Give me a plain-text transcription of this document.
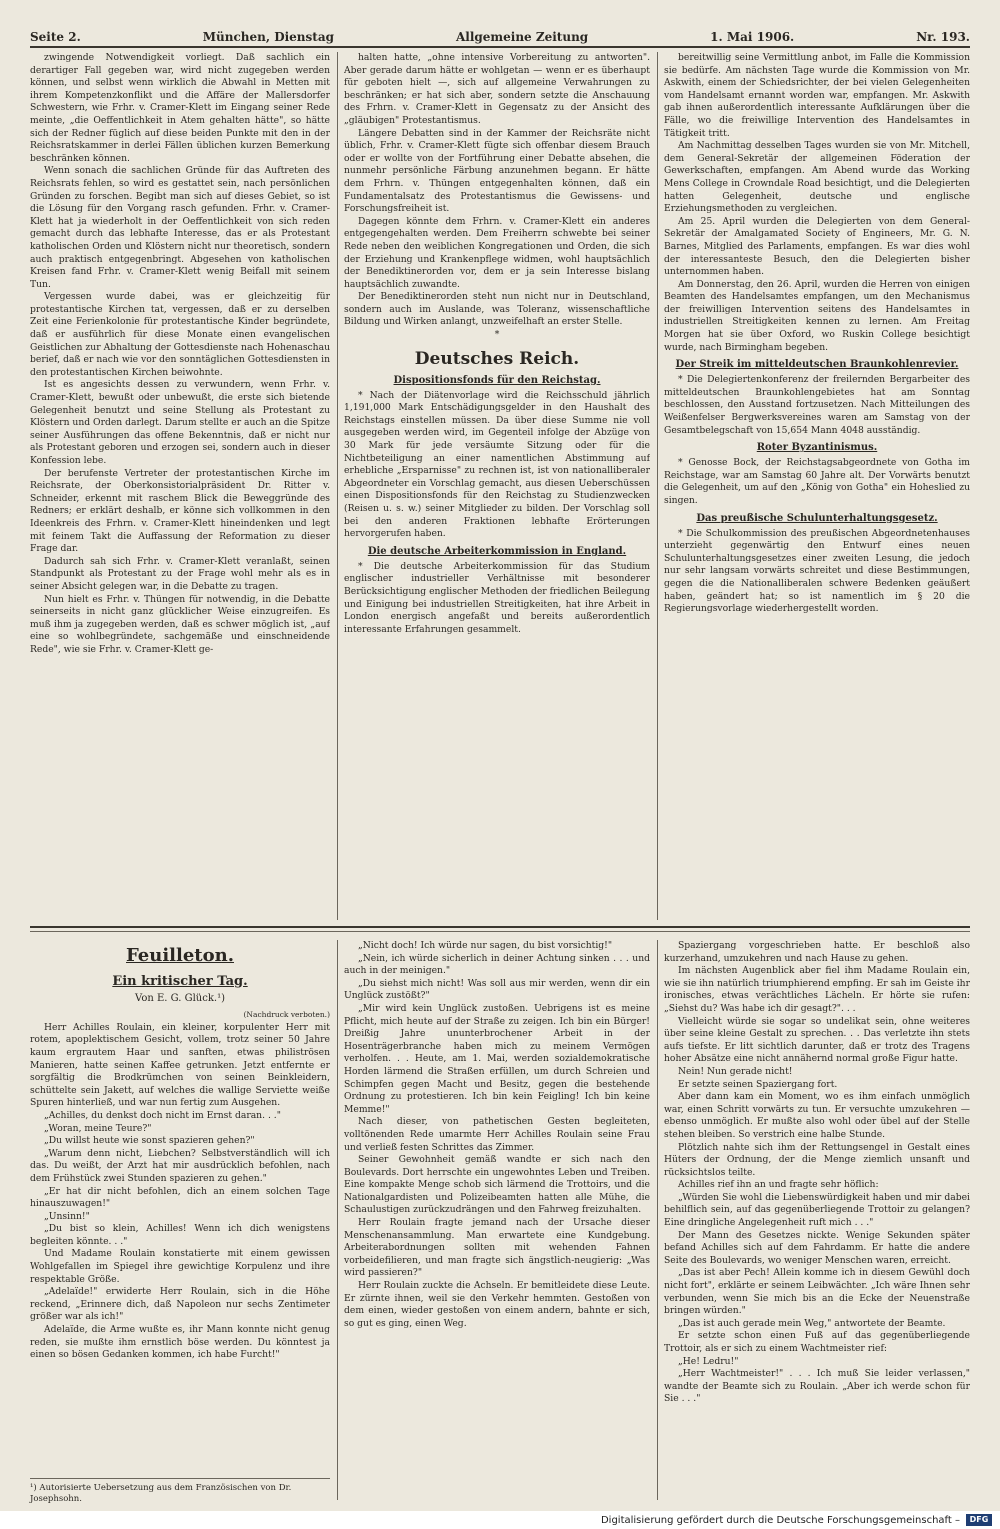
Seite 2.	München, Dienstag	Allgemeine Zeitung	1. Mai 1906.	Nr. 193.

zwingende Notwendigkeit vorliegt. Daß sachlich ein derartiger Fall gegeben war, wird nicht zugegeben werden können, und selbst wenn wirklich die Abwahl in Metten mit ihrem Kompetenzkonflikt und die Affäre der Mallersdorfer Schwestern, wie Frhr. v. Cramer-Klett im Eingang seiner Rede meinte, „die Oeffentlichkeit in Atem gehalten hätte", so hätte sich der Redner füglich auf diese beiden Punkte mit den in der Reichsratskammer in derlei Fällen üblichen kurzen Bemerkung beschränken können.

Wenn sonach die sachlichen Gründe für das Auftreten des Reichsrats fehlen, so wird es gestattet sein, nach persönlichen Gründen zu forschen. Begibt man sich auf dieses Gebiet, so ist die Lösung für den Vorgang rasch gefunden. Frhr. v. Cramer-Klett hat ja wiederholt in der Oeffentlichkeit von sich reden gemacht durch das lebhafte Interesse, das er als Protestant katholischen Orden und Klöstern nicht nur theoretisch, sondern auch praktisch entgegenbringt. Abgesehen von katholischen Kreisen fand Frhr. v. Cramer-Klett wenig Beifall mit seinem Tun.

Vergessen wurde dabei, was er gleichzeitig für protestantische Kirchen tat, vergessen, daß er zu derselben Zeit eine Ferienkolonie für protestantische Kinder begründete, daß er ausführlich für diese Monate einen evangelischen Geistlichen zur Abhaltung der Gottesdienste nach Hohenaschau berief, daß er nach wie vor den sonntäglichen Gottesdiensten in den protestantischen Kirchen beiwohnte.

Ist es angesichts dessen zu verwundern, wenn Frhr. v. Cramer-Klett, bewußt oder unbewußt, die erste sich bietende Gelegenheit benutzt und seine Stellung als Protestant zu Klöstern und Orden darlegt. Darum stellte er auch an die Spitze seiner Ausführungen das offene Bekenntnis, daß er nicht nur als Protestant geboren und erzogen sei, sondern auch in dieser Konfession lebe.

Der berufenste Vertreter der protestantischen Kirche im Reichsrate, der Oberkonsistorialpräsident Dr. Ritter v. Schneider, erkennt mit raschem Blick die Beweggründe des Redners; er erklärt deshalb, er könne sich vollkommen in den Ideenkreis des Frhrn. v. Cramer-Klett hineindenken und legt mit feinem Takt die Auffassung der Reformation zu dieser Frage dar.

Dadurch sah sich Frhr. v. Cramer-Klett veranlaßt, seinen Standpunkt als Protestant zu der Frage wohl mehr als es in seiner Absicht gelegen war, in die Debatte zu tragen.

Nun hielt es Frhr. v. Thüngen für notwendig, in die Debatte seinerseits in nicht ganz glücklicher Weise einzugreifen. Es muß ihm ja zugegeben werden, daß es schwer möglich ist, „auf eine so wohlbegründete, sachgemäße und einschneidende Rede", wie sie Frhr. v. Cramer-Klett ge-

halten hatte, „ohne intensive Vorbereitung zu antworten". Aber gerade darum hätte er wohlgetan — wenn er es überhaupt für geboten hielt —, sich auf allgemeine Verwahrungen zu beschränken; er hat sich aber, sondern setzte die Anschauung des Frhrn. v. Cramer-Klett in Gegensatz zu der Ansicht des „gläubigen" Protestantismus.

Längere Debatten sind in der Kammer der Reichsräte nicht üblich, Frhr. v. Cramer-Klett fügte sich offenbar diesem Brauch oder er wollte von der Fortführung einer Debatte absehen, die nunmehr persönliche Färbung anzunehmen begann. Er hätte dem Frhrn. v. Thüngen entgegenhalten können, daß ein Fundamentalsatz des Protestantismus die Gewissens- und Forschungsfreiheit ist.

Dagegen könnte dem Frhrn. v. Cramer-Klett ein anderes entgegengehalten werden. Dem Freiherrn schwebte bei seiner Rede neben den weiblichen Kongregationen und Orden, die sich der Erziehung und Krankenpflege widmen, wohl hauptsächlich der Benediktinerorden vor, dem er ja sein Interesse bislang hauptsächlich zuwandte.

Der Benediktinerorden steht nun nicht nur in Deutschland, sondern auch im Auslande, was Toleranz, wissenschaftliche Bildung und Wirken anlangt, unzweifelhaft an erster Stelle.

*

Deutsches Reich.
Dispositionsfonds für den Reichstag.

* Nach der Diätenvorlage wird die Reichsschuld jährlich 1,191,000 Mark Entschädigungsgelder in den Haushalt des Reichstags einstellen müssen. Da über diese Summe nie voll ausgegeben werden wird, im Gegenteil infolge der Abzüge von 30 Mark für jede versäumte Sitzung oder für die Nichtbeteiligung an einer namentlichen Abstimmung auf erhebliche „Ersparnisse" zu rechnen ist, ist von nationalliberaler Abgeordneter ein Vorschlag gemacht, aus diesen Ueberschüssen einen Dispositionsfonds für den Reichstag zu Studienzwecken (Reisen u. s. w.) seiner Mitglieder zu bilden. Der Vorschlag soll bei den anderen Fraktionen lebhafte Erörterungen hervorgerufen haben.

Die deutsche Arbeiterkommission in England.

* Die deutsche Arbeiterkommission für das Studium englischer industrieller Verhältnisse mit besonderer Berücksichtigung englischer Methoden der friedlichen Beilegung und Einigung bei industriellen Streitigkeiten, hat ihre Arbeit in London energisch angefaßt und bereits außerordentlich interessante Erfahrungen gesammelt.

bereitwillig seine Vermittlung anbot, im Falle die Kommission sie bedürfe. Am nächsten Tage wurde die Kommission von Mr. Askwith, einem der Schiedsrichter, der bei vielen Gelegenheiten vom Handelsamt ernannt worden war, empfangen. Mr. Askwith gab ihnen außerordentlich interessante Aufklärungen über die Fälle, wo die freiwillige Intervention des Handelsamtes in Tätigkeit tritt.

Am Nachmittag desselben Tages wurden sie von Mr. Mitchell, dem General-Sekretär der allgemeinen Föderation der Gewerkschaften, empfangen. Am Abend wurde das Working Mens College in Crowndale Road besichtigt, und die Delegierten hatten Gelegenheit, deutsche und englische Erziehungsmethoden zu vergleichen.

Am 25. April wurden die Delegierten von dem General-Sekretär der Amalgamated Society of Engineers, Mr. G. N. Barnes, Mitglied des Parlaments, empfangen. Es war dies wohl der interessanteste Besuch, den die Delegierten bisher unternommen haben.

Am Donnerstag, den 26. April, wurden die Herren von einigen Beamten des Handelsamtes empfangen, um den Mechanismus der freiwilligen Intervention seitens des Handelsamtes in industriellen Streitigkeiten kennen zu lernen. Am Freitag Morgen hat sie über Oxford, wo Ruskin College besichtigt wurde, nach Birmingham begeben.

Der Streik im mitteldeutschen Braunkohlenrevier.

* Die Delegiertenkonferenz der freilernden Bergarbeiter des mitteldeutschen Braunkohlengebietes hat am Sonntag beschlossen, den Ausstand fortzusetzen. Nach Mitteilungen des Weißenfelser Bergwerksvereines waren am Samstag von der Gesamtbelegschaft von 15,654 Mann 4048 ausständig.

Roter Byzantinismus.

* Genosse Bock, der Reichstagsabgeordnete von Gotha im Reichstage, war am Samstag 60 Jahre alt. Der Vorwärts benutzt die Gelegenheit, um auf den „König von Gotha" ein Hoheslied zu singen.

Das preußische Schulunterhaltungsgesetz.

* Die Schulkommission des preußischen Abgeordnetenhauses unterzieht gegenwärtig den Entwurf eines neuen Schulunterhaltungsgesetzes einer zweiten Lesung, die jedoch nur sehr langsam vorwärts schreitet und diese Bestimmungen, gegen die die Nationalliberalen schwere Bedenken geäußert haben, geändert hat; so ist namentlich im § 20 die Regierungsvorlage wiederhergestellt worden.

Feuilleton.
Ein kritischer Tag.
Von E. G. Glück.¹)
(Nachdruck verboten.)

Herr Achilles Roulain, ein kleiner, korpulenter Herr mit rotem, apoplektischem Gesicht, vollem, trotz seiner 50 Jahre kaum ergrautem Haar und sanften, etwas philiströsen Manieren, hatte seinen Kaffee getrunken. Jetzt entfernte er sorgfältig die Brodkrümchen von seinen Beinkleidern, schüttelte sein Jakett, auf welches die wallige Serviette weiße Spuren hinterließ, und war nun fertig zum Ausgehen.

„Achilles, du denkst doch nicht im Ernst daran. . ."

„Woran, meine Teure?"

„Du willst heute wie sonst spazieren gehen?"

„Warum denn nicht, Liebchen? Selbstverständlich will ich das. Du weißt, der Arzt hat mir ausdrücklich befohlen, nach dem Frühstück zwei Stunden spazieren zu gehen."

„Er hat dir nicht befohlen, dich an einem solchen Tage hinauszuwagen!"

„Unsinn!"

„Du bist so klein, Achilles! Wenn ich dich wenigstens begleiten könnte. . ."

Und Madame Roulain konstatierte mit einem gewissen Wohlgefallen im Spiegel ihre gewichtige Korpulenz und ihre respektable Größe.

„Adelaïde!" erwiderte Herr Roulain, sich in die Höhe reckend, „Erinnere dich, daß Napoleon nur sechs Zentimeter größer war als ich!"

Adelaïde, die Arme wußte es, ihr Mann konnte nicht genug reden, sie mußte ihm ernstlich böse werden. Du könntest ja einen so bösen Gedanken kommen, ich habe Furcht!"

„Nicht doch! Ich würde nur sagen, du bist vorsichtig!"

„Nein, ich würde sicherlich in deiner Achtung sinken . . . und auch in der meinigen."

„Du siehst mich nicht! Was soll aus mir werden, wenn dir ein Unglück zustößt?"

„Mir wird kein Unglück zustoßen. Uebrigens ist es meine Pflicht, mich heute auf der Straße zu zeigen. Ich bin ein Bürger! Dreißig Jahre ununterbrochener Arbeit in der Hosenträgerbranche haben mich zu meinem Vermögen verholfen. . . Heute, am 1. Mai, werden sozialdemokratische Horden lärmend die Straßen erfüllen, um durch Schreien und Schimpfen gegen Macht und Besitz, gegen die bestehende Ordnung zu protestieren. Ich bin kein Feigling! Ich bin keine Memme!"

Nach dieser, von pathetischen Gesten begleiteten, volltönenden Rede umarmte Herr Achilles Roulain seine Frau und verließ festen Schrittes das Zimmer.

Seiner Gewohnheit gemäß wandte er sich nach den Boulevards. Dort herrschte ein ungewohntes Leben und Treiben. Eine kompakte Menge schob sich lärmend die Trottoirs, und die Nationalgardisten und Polizeibeamten hatten alle Mühe, die Schaulustigen zurückzudrängen und den Fahrweg freizuhalten.

Herr Roulain fragte jemand nach der Ursache dieser Menschenansammlung. Man erwartete eine Kundgebung. Arbeiterabordnungen sollten mit wehenden Fahnen vorbeidefilieren, und man fragte sich ängstlich-neugierig: „Was wird passieren?"

Herr Roulain zuckte die Achseln. Er bemitleidete diese Leute. Er zürnte ihnen, weil sie den Verkehr hemmten. Gestoßen von dem einen, wieder gestoßen von einem andern, bahnte er sich, so gut es ging, einen Weg.

Spaziergang vorgeschrieben hatte. Er beschloß also kurzerhand, umzukehren und nach Hause zu gehen.

Im nächsten Augenblick aber fiel ihm Madame Roulain ein, wie sie ihn natürlich triumphierend empfing. Er sah im Geiste ihr ironisches, etwas verächtliches Lächeln. Er hörte sie rufen: „Siehst du? Was habe ich dir gesagt?". . .

Vielleicht würde sie sogar so undelikat sein, ohne weiteres über seine kleine Gestalt zu sprechen. . . Das verletzte ihn stets aufs tiefste. Er litt sichtlich darunter, daß er trotz des Tragens hoher Absätze eine nicht annähernd normal große Figur hatte.

Nein! Nun gerade nicht!

Er setzte seinen Spaziergang fort.

Aber dann kam ein Moment, wo es ihm einfach unmöglich war, einen Schritt vorwärts zu tun. Er versuchte umzukehren — ebenso unmöglich. Er mußte also wohl oder übel auf der Stelle stehen bleiben. So verstrich eine halbe Stunde.

Plötzlich nahte sich ihm der Rettungsengel in Gestalt eines Hüters der Ordnung, der die Menge ziemlich unsanft und rücksichtslos teilte.

Achilles rief ihn an und fragte sehr höflich:

„Würden Sie wohl die Liebenswürdigkeit haben und mir dabei behilflich sein, auf das gegenüberliegende Trottoir zu gelangen? Eine dringliche Angelegenheit ruft mich . . ."

Der Mann des Gesetzes nickte. Wenige Sekunden später befand Achilles sich auf dem Fahrdamm. Er hatte die andere Seite des Boulevards, wo weniger Menschen waren, erreicht.

„Das ist aber Pech! Allein komme ich in diesem Gewühl doch nicht fort", erklärte er seinem Leibwächter. „Ich wäre Ihnen sehr verbunden, wenn Sie mich bis an die Ecke der Neuenstraße bringen würden."

„Das ist auch gerade mein Weg," antwortete der Beamte.

Er setzte schon einen Fuß auf das gegenüberliegende Trottoir, als er sich zu einem Wachtmeister rief:

„He! Ledru!"

„Herr Wachtmeister!" . . . Ich muß Sie leider verlassen," wandte der Beamte sich zu Roulain. „Aber ich werde schon für Sie . . ."

¹) Autorisierte Uebersetzung aus dem Französischen von Dr. Josephsohn.
Digitalisierung gefördert durch die Deutsche Forschungsgemeinschaft –	DFG
